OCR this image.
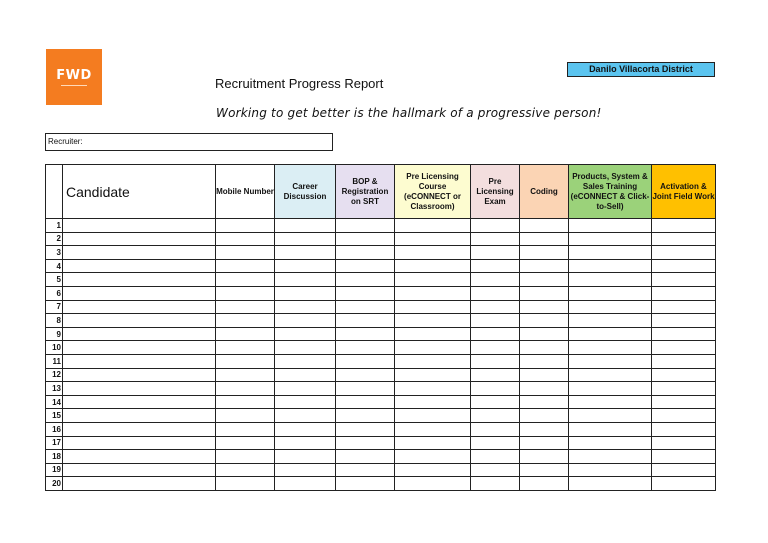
FWD
Recruitment Progress Report
Danilo Villacorta District
Working to get better is the hallmark of a progressive person!
Recruiter:
	Candidate	Mobile Number	Career Discussion	BOP & Registration on SRT	Pre Licensing Course (eCONNECT or Classroom)	Pre Licensing Exam	Coding	Products, System & Sales Training (eCONNECT & Click-to-Sell)	Activation & Joint Field Work
1									
2									
3									
4									
5									
6									
7									
8									
9									
10									
11									
12									
13									
14									
15									
16									
17									
18									
19									
20									
